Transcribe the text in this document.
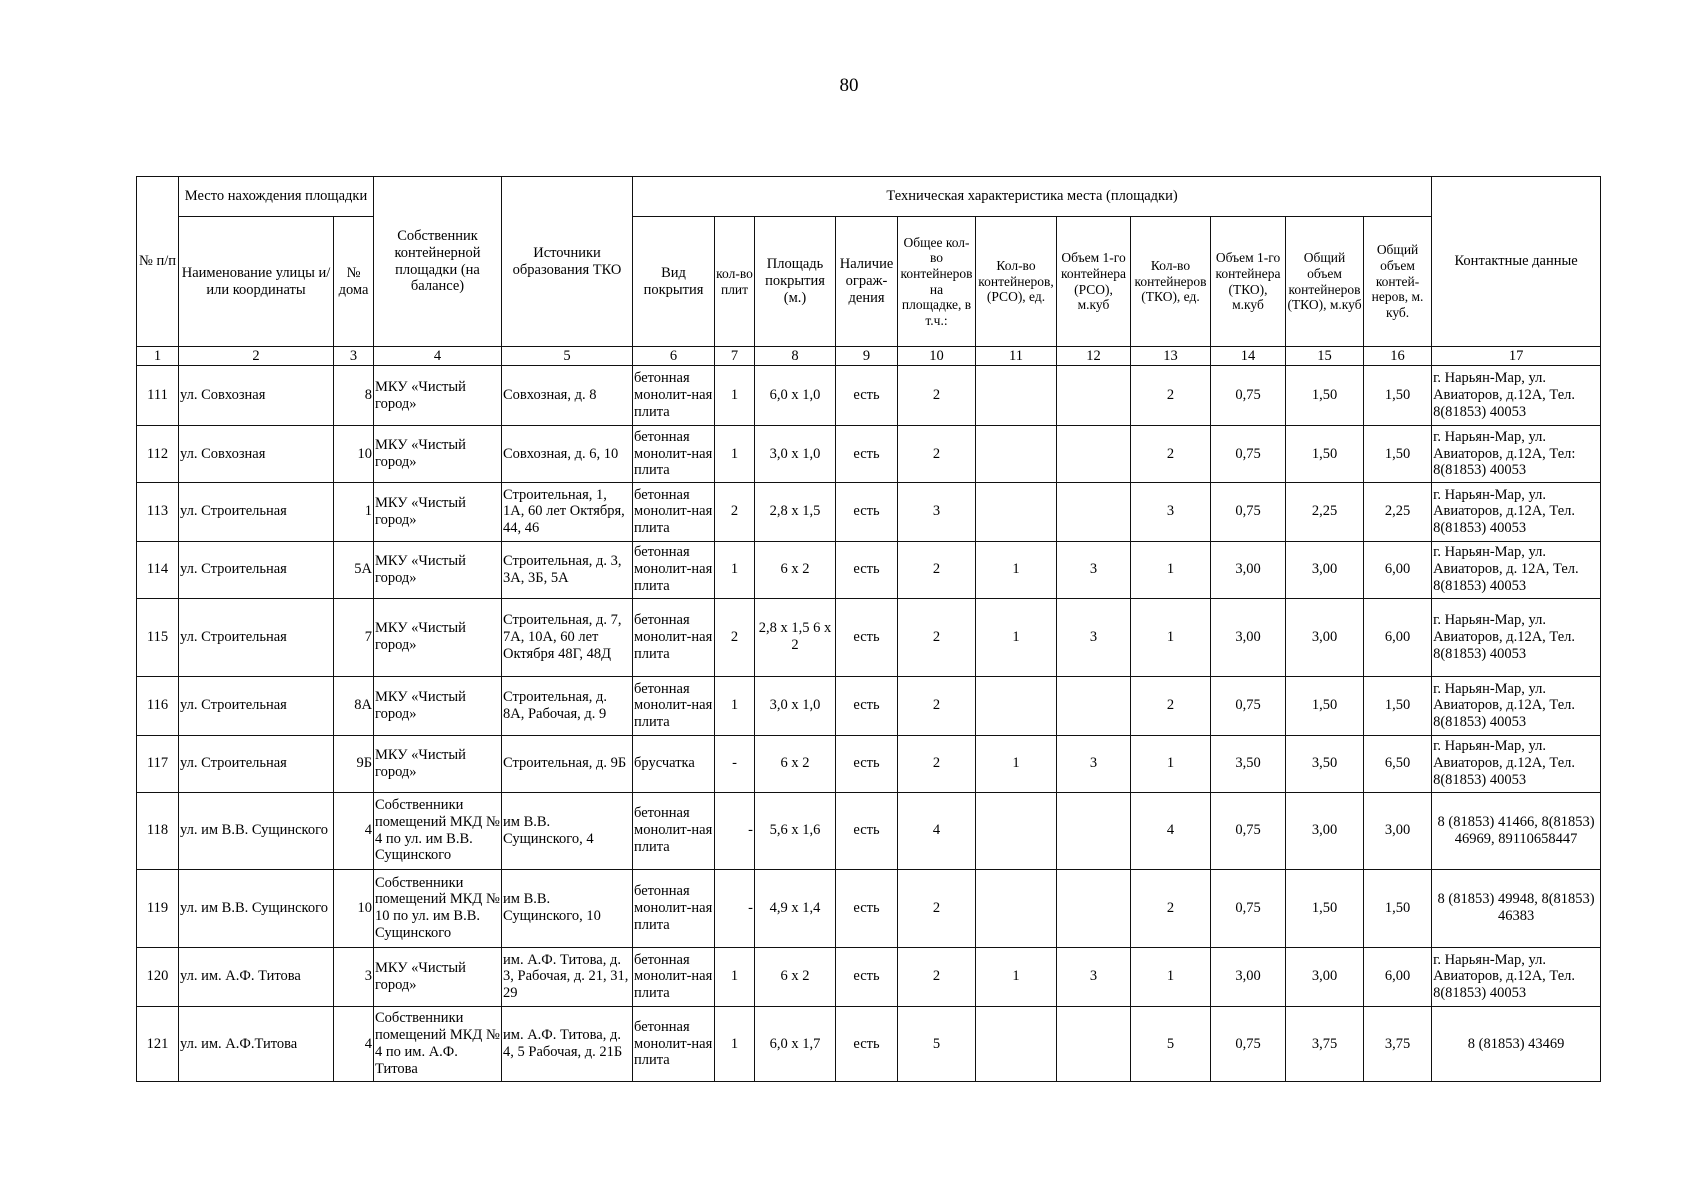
80
№ п/п	Место нахождения площадки		Собственник контейнерной площадки (на балансе)	Источники образования ТКО	Техническая характеристика места (площадки)											Контактные данные
	Наименование улицы и/или координаты	№ дома			Вид покрытия	кол-во плит	Площадь покрытия (м.)	Наличие ограж-дения	Общее кол-во контейнеров на площадке, в т.ч.:	Кол-во контейнеров, (РСО), ед.	Объем 1-го контейнера (РСО), м.куб	Кол-во контейнеров (ТКО), ед.	Объем 1-го контейнера (ТКО), м.куб	Общий объем контейнеров (ТКО), м.куб	Общий объем контей-неров, м. куб.	
1	2	3	4	5	6	7	8	9	10	11	12	13	14	15	16	17
111	ул. Совхозная	8	МКУ «Чистый город»	Совхозная, д. 8	бетонная монолит-ная плита	1	6,0 х 1,0	есть	2			2	0,75	1,50	1,50	г. Нарьян-Мар, ул. Авиаторов, д.12А, Тел. 8(81853) 40053
112	ул. Совхозная	10	МКУ «Чистый город»	Совхозная, д. 6, 10	бетонная монолит-ная плита	1	3,0 х 1,0	есть	2			2	0,75	1,50	1,50	г. Нарьян-Мар, ул. Авиаторов, д.12А, Тел: 8(81853) 40053
113	ул. Строительная	1	МКУ «Чистый город»	Строительная, 1, 1А, 60 лет Октября, 44, 46	бетонная монолит-ная плита	2	2,8 х 1,5	есть	3			3	0,75	2,25	2,25	г. Нарьян-Мар, ул. Авиаторов, д.12А, Тел. 8(81853) 40053
114	ул. Строительная	5А	МКУ «Чистый город»	Строительная, д. 3, 3А, 3Б, 5А	бетонная монолит-ная плита	1	6 х 2	есть	2	1	3	1	3,00	3,00	6,00	г. Нарьян-Мар, ул. Авиаторов, д. 12А, Тел. 8(81853) 40053
115	ул. Строительная	7	МКУ «Чистый город»	Строительная, д. 7, 7А, 10А, 60 лет Октября 48Г, 48Д	бетонная монолит-ная плита	2	2,8 х 1,5 6 х 2	есть	2	1	3	1	3,00	3,00	6,00	г. Нарьян-Мар, ул. Авиаторов, д.12А, Тел. 8(81853) 40053
116	ул. Строительная	8А	МКУ «Чистый город»	Строительная, д. 8А, Рабочая, д. 9	бетонная монолит-ная плита	1	3,0 х 1,0	есть	2			2	0,75	1,50	1,50	г. Нарьян-Мар, ул. Авиаторов, д.12А, Тел. 8(81853) 40053
117	ул. Строительная	9Б	МКУ «Чистый город»	Строительная, д. 9Б	брусчатка	-	6 х 2	есть	2	1	3	1	3,50	3,50	6,50	г. Нарьян-Мар, ул. Авиаторов, д.12А, Тел. 8(81853) 40053
118	ул. им В.В. Сущинского	4	Собственники помещений МКД № 4 по ул. им В.В. Сущинского	им В.В. Сущинского, 4	бетонная монолит-ная плита	-	5,6 х 1,6	есть	4			4	0,75	3,00	3,00	8 (81853) 41466, 8(81853) 46969, 89110658447
119	ул. им В.В. Сущинского	10	Собственники помещений МКД № 10 по ул. им В.В. Сущинского	им В.В. Сущинского, 10	бетонная монолит-ная плита	-	4,9 х 1,4	есть	2			2	0,75	1,50	1,50	8 (81853) 49948, 8(81853) 46383
120	ул. им. А.Ф. Титова	3	МКУ «Чистый город»	им. А.Ф. Титова, д. 3, Рабочая, д. 21, 31, 29	бетонная монолит-ная плита	1	6 х 2	есть	2	1	3	1	3,00	3,00	6,00	г. Нарьян-Мар, ул. Авиаторов, д.12А, Тел. 8(81853) 40053
121	ул. им. А.Ф.Титова	4	Собственники помещений МКД № 4 по им. А.Ф. Титова	им. А.Ф. Титова, д. 4, 5 Рабочая, д. 21Б	бетонная монолит-ная плита	1	6,0 х 1,7	есть	5			5	0,75	3,75	3,75	8 (81853) 43469
